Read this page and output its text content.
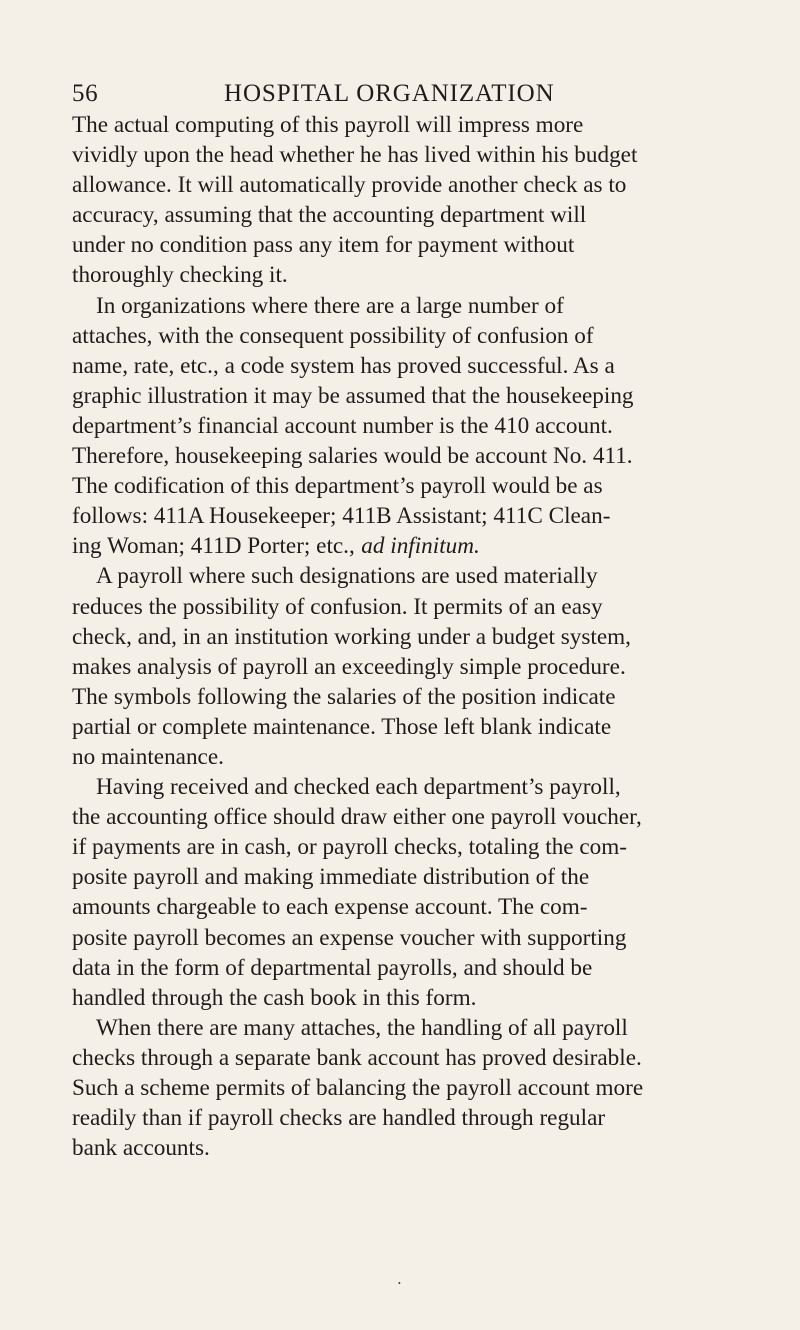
56	HOSPITAL ORGANIZATION
The actual computing of this payroll will impress more
vividly upon the head whether he has lived within his budget
allowance. It will automatically provide another check as to
accuracy, assuming that the accounting department will
under no condition pass any item for payment without
thoroughly checking it.
In organizations where there are a large number of
attaches, with the consequent possibility of confusion of
name, rate, etc., a code system has proved successful. As a
graphic illustration it may be assumed that the housekeeping
department’s financial account number is the 410 account.
Therefore, housekeeping salaries would be account No. 411.
The codification of this department’s payroll would be as
follows: 411A Housekeeper; 411B Assistant; 411C Clean-
ing Woman; 411D Porter; etc., ad infinitum.
A payroll where such designations are used materially
reduces the possibility of confusion. It permits of an easy
check, and, in an institution working under a budget system,
makes analysis of payroll an exceedingly simple procedure.
The symbols following the salaries of the position indicate
partial or complete maintenance. Those left blank indicate
no maintenance.
Having received and checked each department’s payroll,
the accounting office should draw either one payroll voucher,
if payments are in cash, or payroll checks, totaling the com-
posite payroll and making immediate distribution of the
amounts chargeable to each expense account. The com-
posite payroll becomes an expense voucher with supporting
data in the form of departmental payrolls, and should be
handled through the cash book in this form.
When there are many attaches, the handling of all payroll
checks through a separate bank account has proved desirable.
Such a scheme permits of balancing the payroll account more
readily than if payroll checks are handled through regular
bank accounts.
•
